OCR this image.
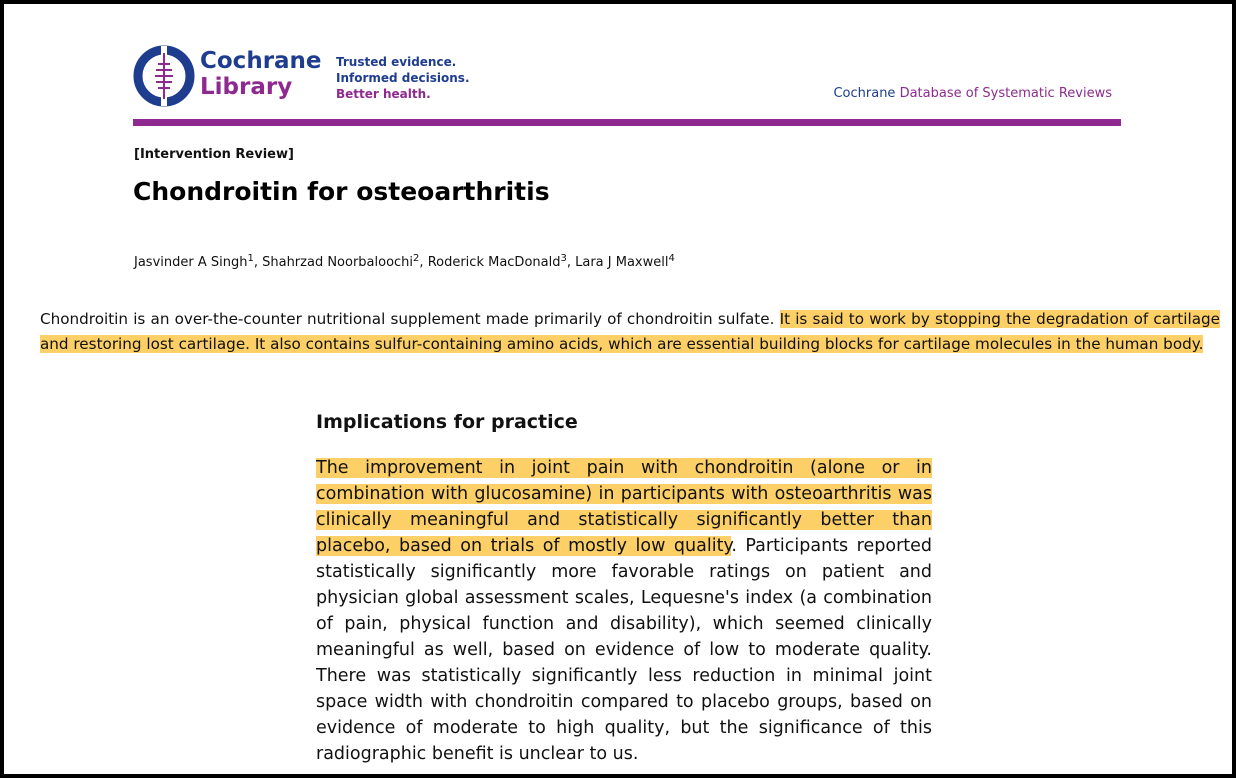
Cochrane
Library
Trusted evidence.
Informed decisions.
Better health.	Cochrane Database of Systematic Reviews
[Intervention Review]
Chondroitin for osteoarthritis
Jasvinder A Singh$^1$, Shahrzad Noorbaloochi$^2$, Roderick MacDonald$^3$, Lara J Maxwell$^4$

Chondroitin is an over-the-counter nutritional supplement made primarily of chondroitin sulfate. It is said to work by stopping the degradation of cartilage and restoring lost cartilage. It also contains sulfur-containing amino acids, which are essential building blocks for cartilage molecules in the human body.

Implications for practice

The improvement in joint pain with chondroitin (alone or in combination with glucosamine) in participants with osteoarthritis was clinically meaningful and statistically significantly better than placebo, based on trials of mostly low quality. Participants reported statistically significantly more favorable ratings on patient and physician global assessment scales, Lequesne's index (a combination of pain, physical function and disability), which seemed clinically meaningful as well, based on evidence of low to moderate quality. There was statistically significantly less reduction in minimal joint space width with chondroitin compared to placebo groups, based on evidence of moderate to high quality, but the significance of this radiographic benefit is unclear to us.
